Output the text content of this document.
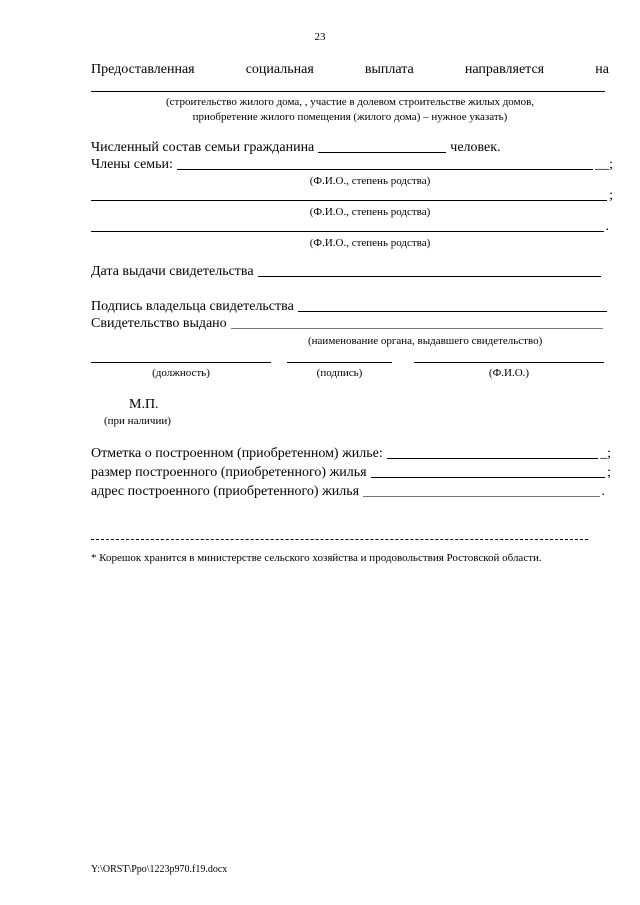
23
Предоставленная	социальная	выплата	направляется	на
(строительство жилого дома, , участие в долевом строительстве жилых домов,
приобретение жилого помещения (жилого дома) – нужное указать)
Численный состав семьи гражданина	человек.
Члены семьи:	__;
(Ф.И.О., степень родства)
;
(Ф.И.О., степень родства)
.
(Ф.И.О., степень родства)
Дата выдачи свидетельства
Подпись владельца свидетельства
Свидетельство выдано
(наименование органа, выдавшего свидетельство)
(должность)	(подпись)	(Ф.И.О.)
М.П.
(при наличии)
Отметка о построенном (приобретенном) жилье:	_;
размер построенного (приобретенного) жилья	;
адрес построенного (приобретенного) жилья	.
* Корешок хранится в министерстве сельского хозяйства и продовольствия Ростовской области.
Y:\ORST\Ppo\1223p970.f19.docx
